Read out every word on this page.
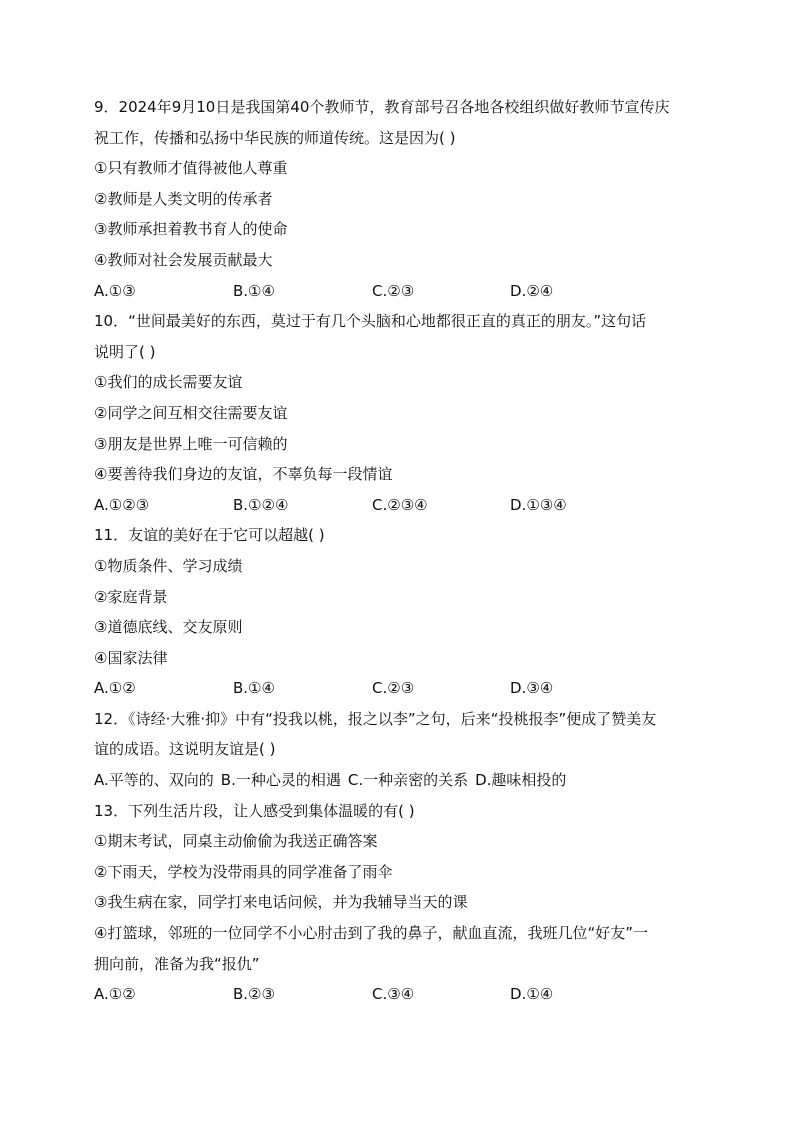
9．2024年9月10日是我国第40个教师节，教育部号召各地各校组织做好教师节宣传庆
祝工作，传播和弘扬中华民族的师道传统。这是因为( )
①只有教师才值得被他人尊重
②教师是人类文明的传承者
③教师承担着教书育人的使命
④教师对社会发展贡献最大
A.①③	B.①④	C.②③	D.②④
10．“世间最美好的东西，莫过于有几个头脑和心地都很正直的真正的朋友。”这句话
说明了( )
①我们的成长需要友谊
②同学之间互相交往需要友谊
③朋友是世界上唯一可信赖的
④要善待我们身边的友谊，不辜负每一段情谊
A.①②③	B.①②④	C.②③④	D.①③④
11．友谊的美好在于它可以超越( )
①物质条件、学习成绩
②家庭背景
③道德底线、交友原则
④国家法律
A.①②	B.①④	C.②③	D.③④
12．《诗经·大雅·抑》中有“投我以桃，报之以李”之句，后来“投桃报李”便成了赞美友
谊的成语。这说明友谊是( )
A.平等的、双向的 B.一种心灵的相遇 C.一种亲密的关系 D.趣味相投的
13．下列生活片段，让人感受到集体温暖的有( )
①期末考试，同桌主动偷偷为我送正确答案
②下雨天，学校为没带雨具的同学准备了雨伞
③我生病在家，同学打来电话问候，并为我辅导当天的课
④打篮球，邻班的一位同学不小心肘击到了我的鼻子，献血直流，我班几位“好友”一
拥向前，准备为我“报仇”
A.①②	B.②③	C.③④	D.①④
